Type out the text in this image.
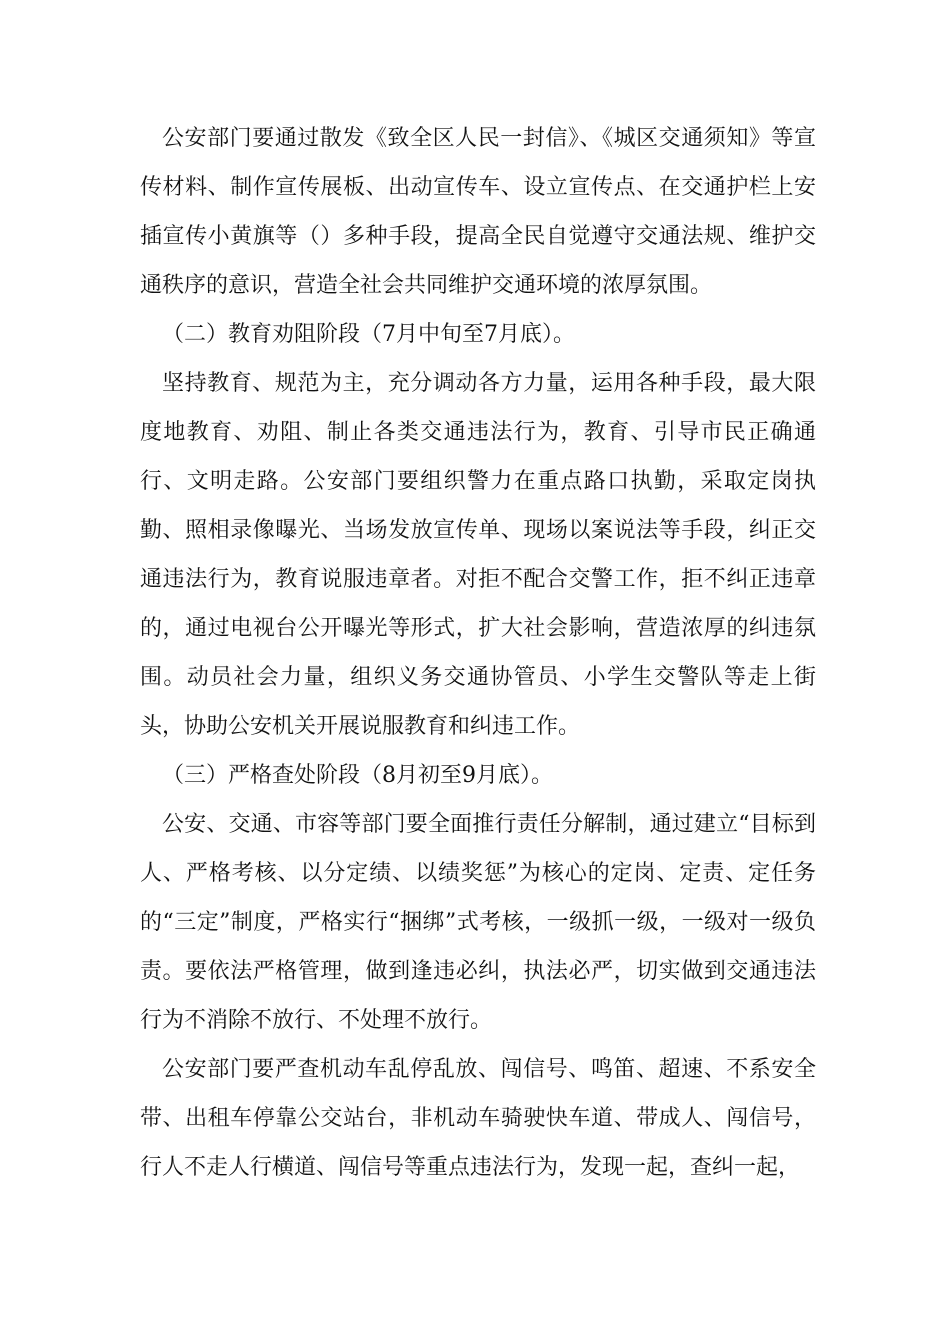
公安部门要通过散发《致全区人民一封信》、《城区交通须知》等宣传材料、制作宣传展板、出动宣传车、设立宣传点、在交通护栏上安插宣传小黄旗等（）多种手段，提高全民自觉遵守交通法规、维护交通秩序的意识，营造全社会共同维护交通环境的浓厚氛围。

（二）教育劝阻阶段（7月中旬至7月底）。

坚持教育、规范为主，充分调动各方力量，运用各种手段，最大限度地教育、劝阻、制止各类交通违法行为，教育、引导市民正确通行、文明走路。公安部门要组织警力在重点路口执勤，采取定岗执勤、照相录像曝光、当场发放宣传单、现场以案说法等手段，纠正交通违法行为，教育说服违章者。对拒不配合交警工作，拒不纠正违章的，通过电视台公开曝光等形式，扩大社会影响，营造浓厚的纠违氛围。动员社会力量，组织义务交通协管员、小学生交警队等走上街头，协助公安机关开展说服教育和纠违工作。

（三）严格查处阶段（8月初至9月底）。

公安、交通、市容等部门要全面推行责任分解制，通过建立“目标到人、严格考核、以分定绩、以绩奖惩”为核心的定岗、定责、定任务的“三定”制度，严格实行“捆绑”式考核，一级抓一级，一级对一级负责。要依法严格管理，做到逢违必纠，执法必严，切实做到交通违法行为不消除不放行、不处理不放行。

公安部门要严查机动车乱停乱放、闯信号、鸣笛、超速、不系安全带、出租车停靠公交站台，非机动车骑驶快车道、带成人、闯信号，行人不走人行横道、闯信号等重点违法行为，发现一起，查纠一起，
